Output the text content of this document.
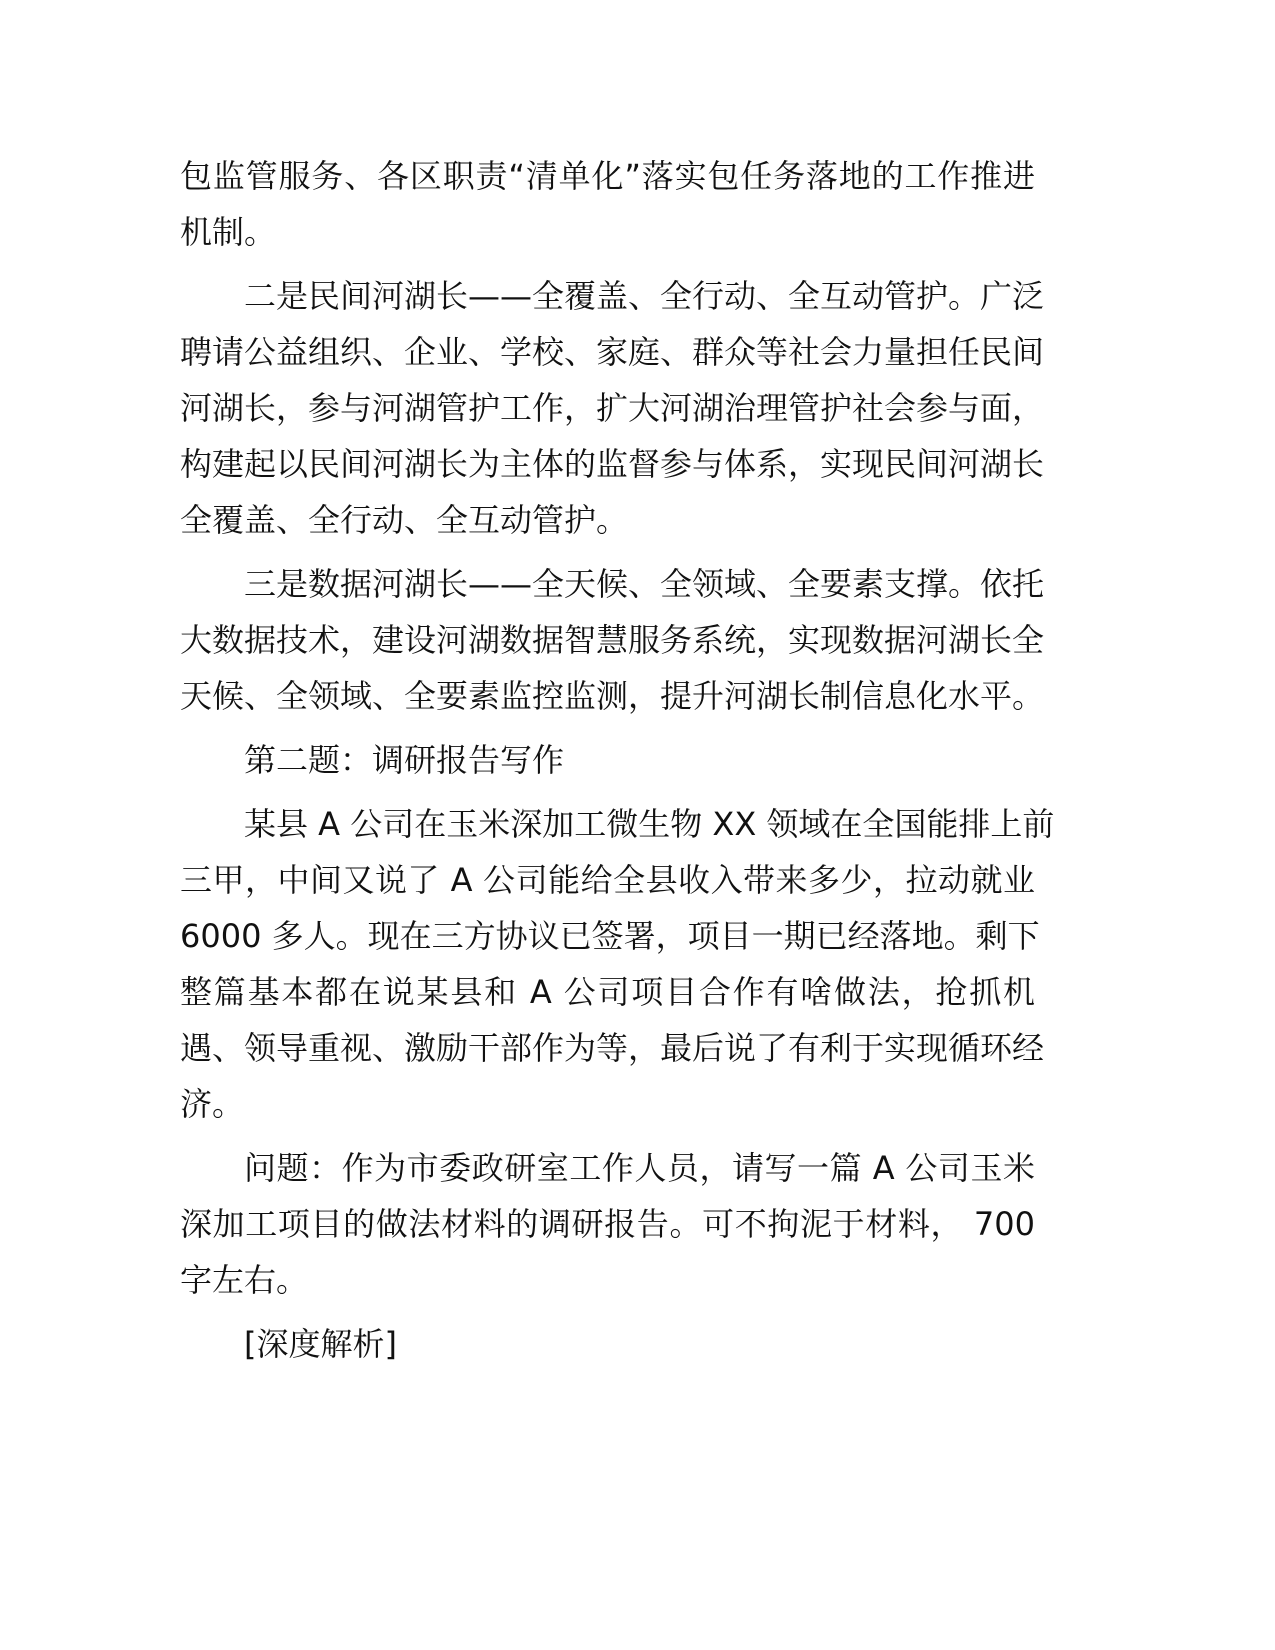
包监管服务、各区职责“清单化”落实包任务落地的工作推进
机制。
二是民间河湖长——全覆盖、全行动、全互动管护。广泛
聘请公益组织、企业、学校、家庭、群众等社会力量担任民间
河湖长，参与河湖管护工作，扩大河湖治理管护社会参与面，
构建起以民间河湖长为主体的监督参与体系，实现民间河湖长
全覆盖、全行动、全互动管护。
三是数据河湖长——全天候、全领域、全要素支撑。依托
大数据技术，建设河湖数据智慧服务系统，实现数据河湖长全
天候、全领域、全要素监控监测，提升河湖长制信息化水平。
第二题：调研报告写作
某县 A 公司在玉米深加工微生物 XX 领域在全国能排上前
三甲，中间又说了 A 公司能给全县收入带来多少，拉动就业
6000 多人。现在三方协议已签署，项目一期已经落地。剩下
整篇基本都在说某县和 A 公司项目合作有啥做法，抢抓机
遇、领导重视、激励干部作为等，最后说了有利于实现循环经
济。
问题：作为市委政研室工作人员，请写一篇 A 公司玉米
深加工项目的做法材料的调研报告。可不拘泥于材料， 700
字左右。
[深度解析]
